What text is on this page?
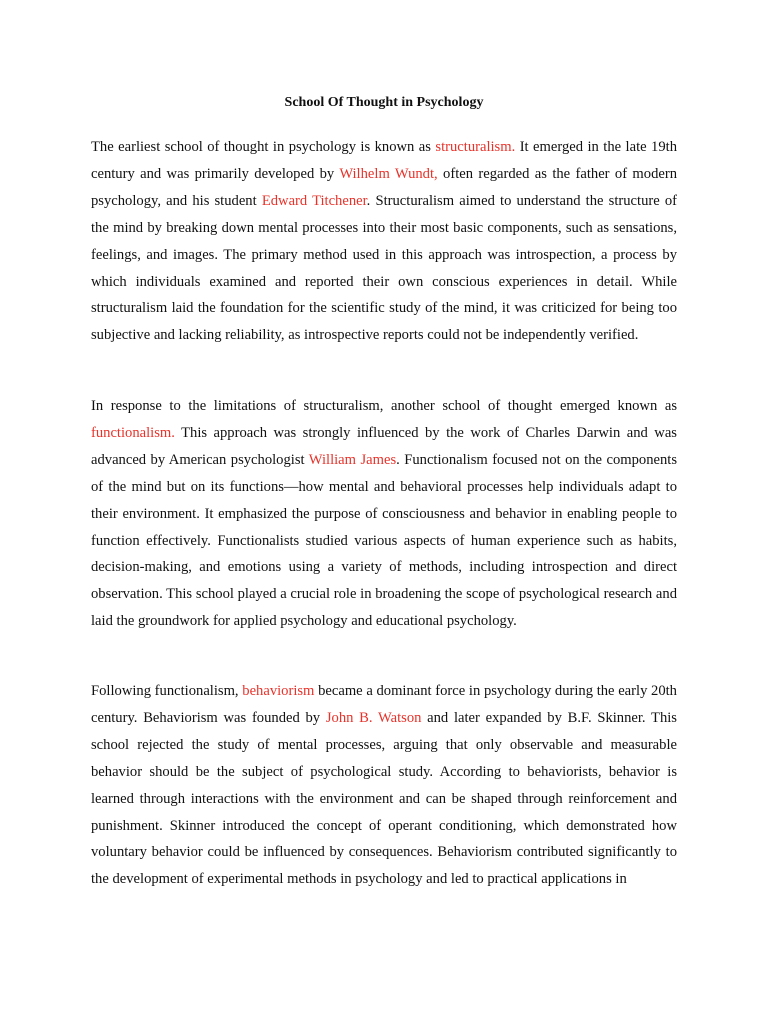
School Of Thought in Psychology

The earliest school of thought in psychology is known as structuralism. It emerged in the late 19th century and was primarily developed by Wilhelm Wundt, often regarded as the father of modern psychology, and his student Edward Titchener. Structuralism aimed to understand the structure of the mind by breaking down mental processes into their most basic components, such as sensations, feelings, and images. The primary method used in this approach was introspection, a process by which individuals examined and reported their own conscious experiences in detail. While structuralism laid the foundation for the scientific study of the mind, it was criticized for being too subjective and lacking reliability, as introspective reports could not be independently verified.

In response to the limitations of structuralism, another school of thought emerged known as functionalism. This approach was strongly influenced by the work of Charles Darwin and was advanced by American psychologist William James. Functionalism focused not on the components of the mind but on its functions—how mental and behavioral processes help individuals adapt to their environment. It emphasized the purpose of consciousness and behavior in enabling people to function effectively. Functionalists studied various aspects of human experience such as habits, decision-making, and emotions using a variety of methods, including introspection and direct observation. This school played a crucial role in broadening the scope of psychological research and laid the groundwork for applied psychology and educational psychology.

Following functionalism, behaviorism became a dominant force in psychology during the early 20th century. Behaviorism was founded by John B. Watson and later expanded by B.F. Skinner. This school rejected the study of mental processes, arguing that only observable and measurable behavior should be the subject of psychological study. According to behaviorists, behavior is learned through interactions with the environment and can be shaped through reinforcement and punishment. Skinner introduced the concept of operant conditioning, which demonstrated how voluntary behavior could be influenced by consequences. Behaviorism contributed significantly to the development of experimental methods in psychology and led to practical applications in
